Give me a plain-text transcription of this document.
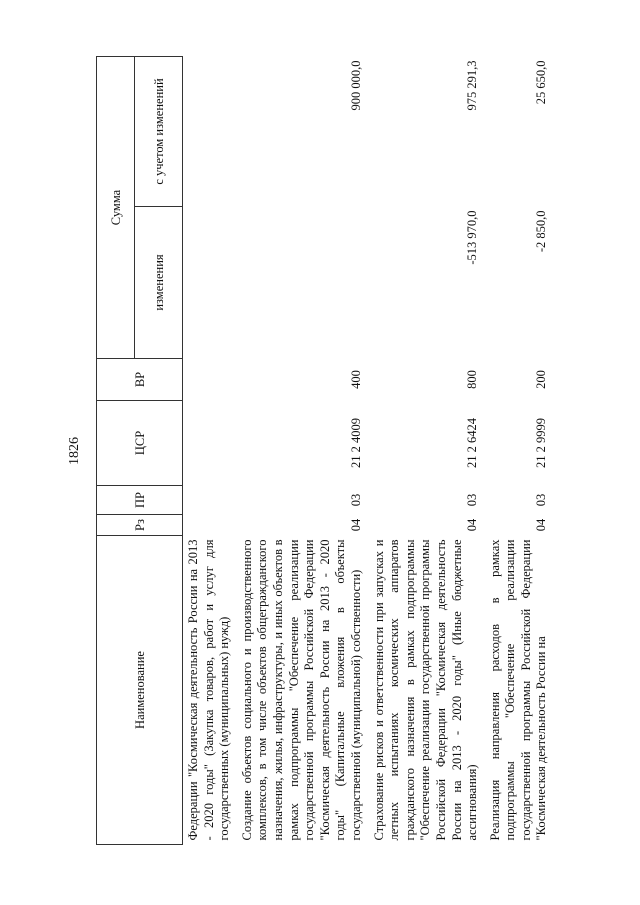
1826
Наименование	Рз	ПР	ЦСР	ВР	Сумма	
					изменения	с учетом изменений
Федерации "Космическая деятельность России на 2013 - 2020 годы" (Закупка товаров, работ и услуг для государственных (муниципальных) нужд)						
Создание объектов социального и производственного комплексов, в том числе объектов общегражданского назначения, жилья, инфраструктуры, и иных объектов в рамках подпрограммы "Обеспечение реализации государственной программы Российской Федерации "Космическая деятельность России на 2013 - 2020 годы" (Капитальные вложения в объекты государственной (муниципальной) собственности)	04	03	21 2 4009	400		900 000,0
Страхование рисков и ответственности при запусках и летных испытаниях космических аппаратов гражданского назначения в рамках подпрограммы "Обеспечение реализации государственной программы Российской Федерации "Космическая деятельность России на 2013 - 2020 годы" (Иные бюджетные ассигнования)	04	03	21 2 6424	800	-513 970,0	975 291,3
Реализация направления расходов в рамках подпрограммы "Обеспечение реализации государственной программы Российской Федерации "Космическая деятельность России на	04	03	21 2 9999	200	-2 850,0	25 650,0
